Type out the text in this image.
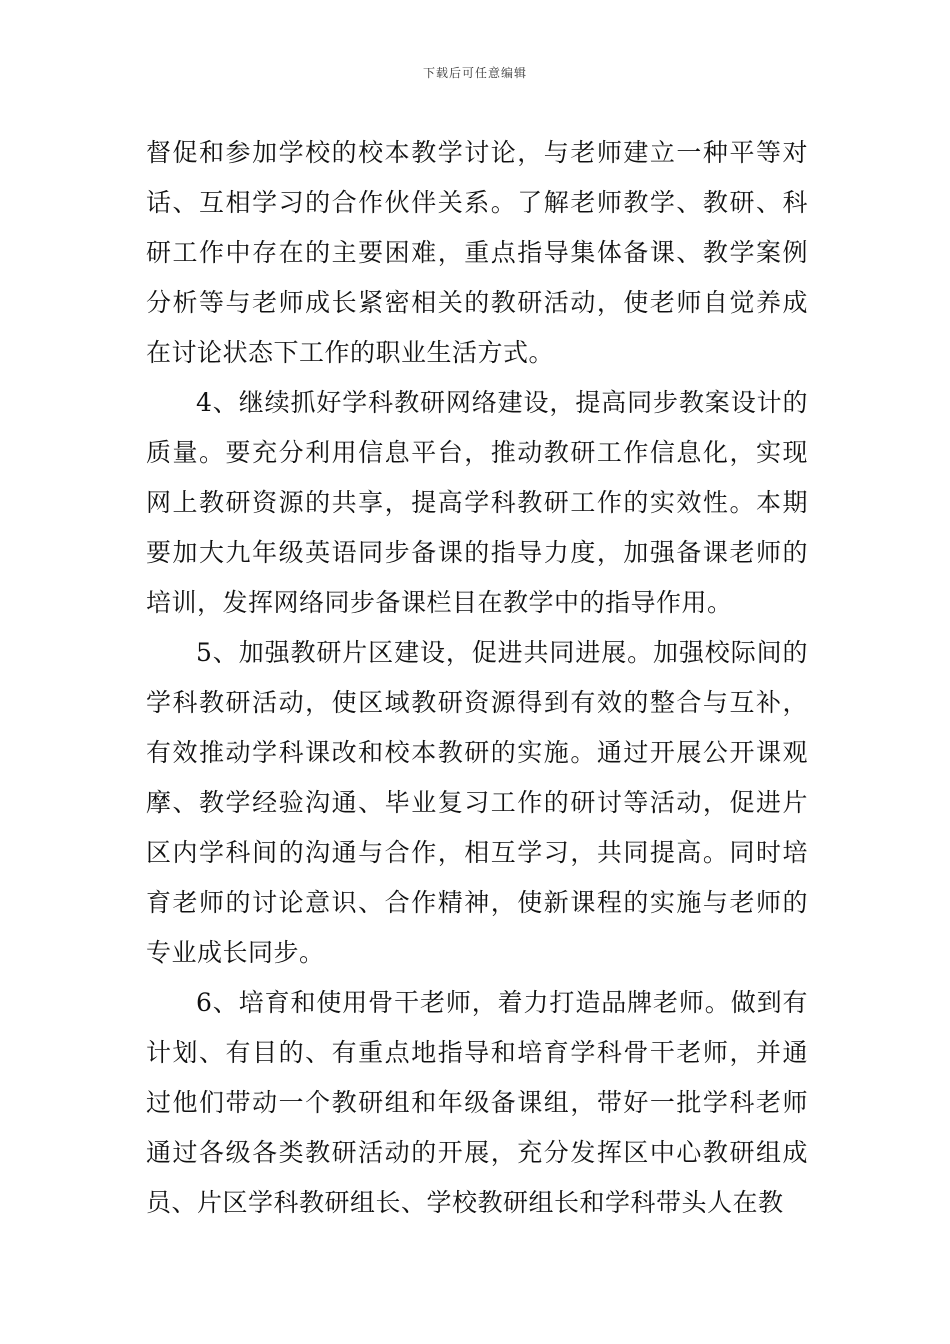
下载后可任意编辑

督促和参加学校的校本教学讨论，与老师建立一种平等对话、互相学习的合作伙伴关系。了解老师教学、教研、科研工作中存在的主要困难，重点指导集体备课、教学案例分析等与老师成长紧密相关的教研活动，使老师自觉养成在讨论状态下工作的职业生活方式。

4、继续抓好学科教研网络建设，提高同步教案设计的质量。要充分利用信息平台，推动教研工作信息化，实现网上教研资源的共享，提高学科教研工作的实效性。本期要加大九年级英语同步备课的指导力度，加强备课老师的培训，发挥网络同步备课栏目在教学中的指导作用。

5、加强教研片区建设，促进共同进展。加强校际间的学科教研活动，使区域教研资源得到有效的整合与互补，有效推动学科课改和校本教研的实施。通过开展公开课观摩、教学经验沟通、毕业复习工作的研讨等活动，促进片区内学科间的沟通与合作，相互学习，共同提高。同时培育老师的讨论意识、合作精神，使新课程的实施与老师的专业成长同步。

6、培育和使用骨干老师，着力打造品牌老师。做到有计划、有目的、有重点地指导和培育学科骨干老师，并通过他们带动一个教研组和年级备课组，带好一批学科老师通过各级各类教研活动的开展，充分发挥区中心教研组成员、片区学科教研组长、学校教研组长和学科带头人在教
